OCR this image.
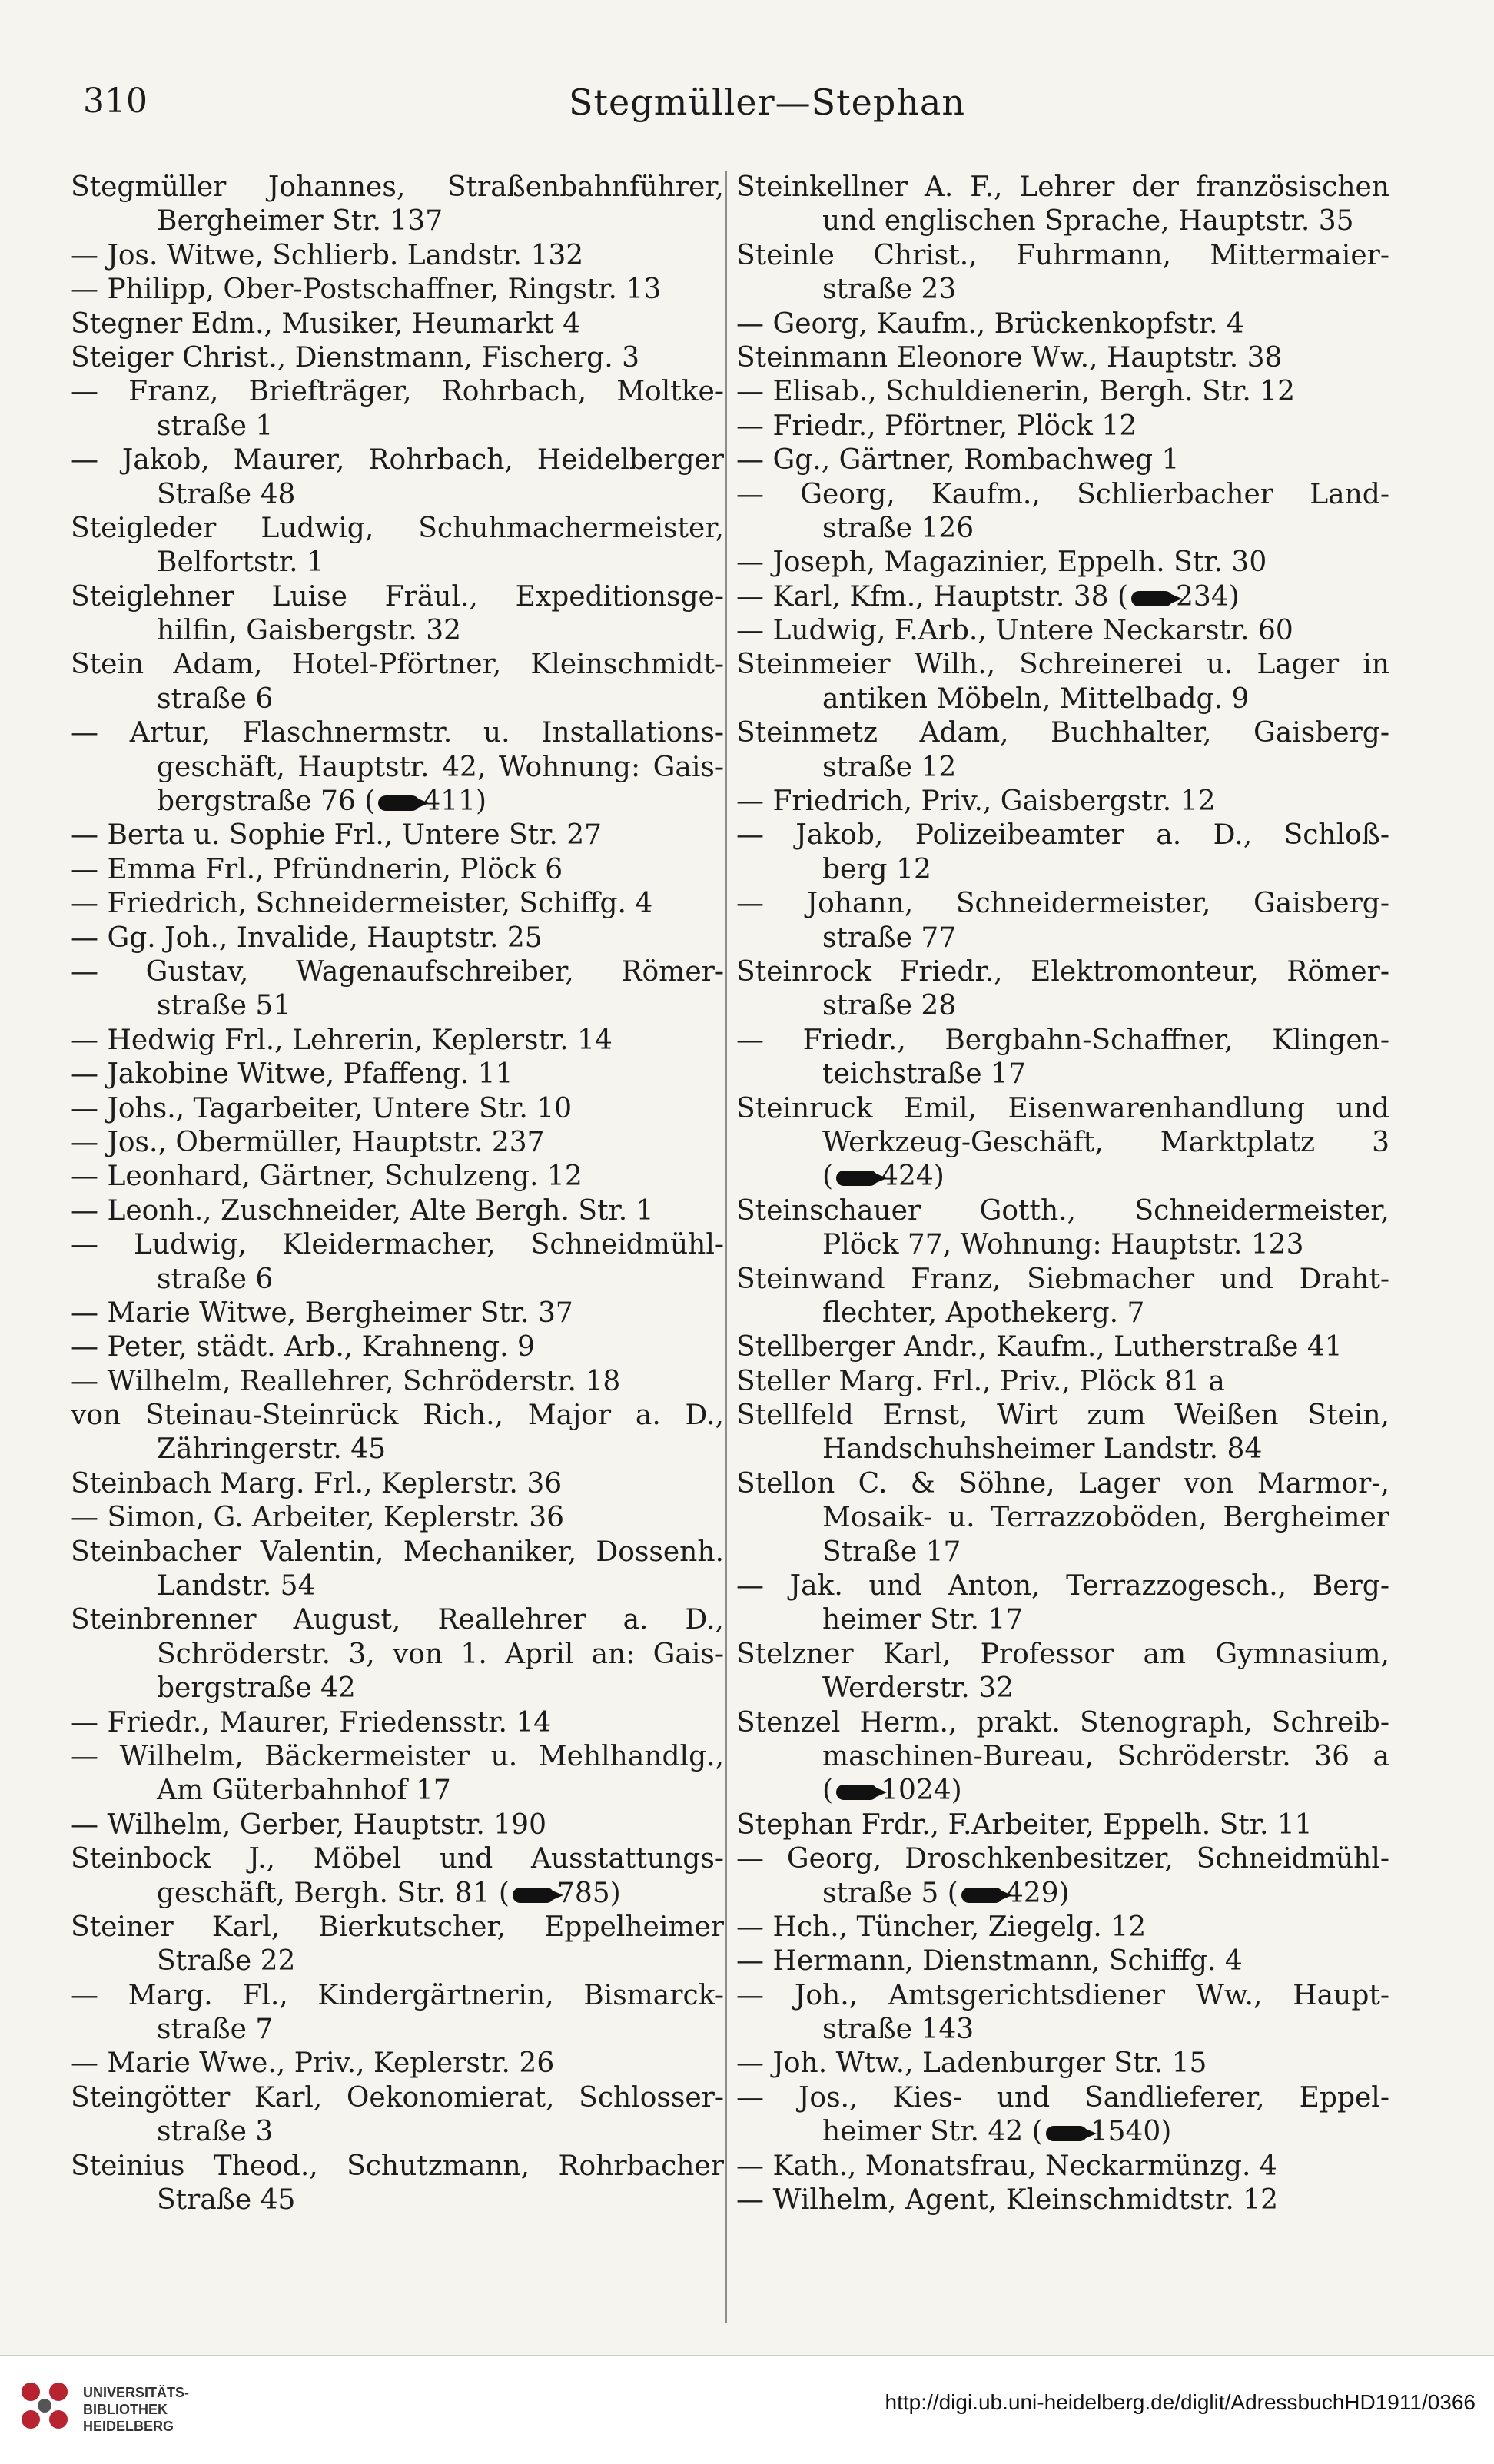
310	Stegmüller—Stephan
Stegmüller Johannes, Straßenbahnführer,
Bergheimer Str. 137
— Jos. Witwe, Schlierb. Landstr. 132
— Philipp, Ober-Postschaffner, Ringstr. 13
Stegner Edm., Musiker, Heumarkt 4
Steiger Christ., Dienstmann, Fischerg. 3
— Franz, Briefträger, Rohrbach, Moltke-
straße 1
— Jakob, Maurer, Rohrbach, Heidelberger
Straße 48
Steigleder Ludwig, Schuhmachermeister,
Belfortstr. 1
Steiglehner Luise Fräul., Expeditionsge-
hilfin, Gaisbergstr. 32
Stein Adam, Hotel-Pförtner, Kleinschmidt-
straße 6
— Artur, Flaschnermstr. u. Installations-
geschäft, Hauptstr. 42, Wohnung: Gais-
bergstraße 76 ( 411)
— Berta u. Sophie Frl., Untere Str. 27
— Emma Frl., Pfründnerin, Plöck 6
— Friedrich, Schneidermeister, Schiffg. 4
— Gg. Joh., Invalide, Hauptstr. 25
— Gustav, Wagenaufschreiber, Römer-
straße 51
— Hedwig Frl., Lehrerin, Keplerstr. 14
— Jakobine Witwe, Pfaffeng. 11
— Johs., Tagarbeiter, Untere Str. 10
— Jos., Obermüller, Hauptstr. 237
— Leonhard, Gärtner, Schulzeng. 12
— Leonh., Zuschneider, Alte Bergh. Str. 1
— Ludwig, Kleidermacher, Schneidmühl-
straße 6
— Marie Witwe, Bergheimer Str. 37
— Peter, städt. Arb., Krahneng. 9
— Wilhelm, Reallehrer, Schröderstr. 18
von Steinau-Steinrück Rich., Major a. D.,
Zähringerstr. 45
Steinbach Marg. Frl., Keplerstr. 36
— Simon, G. Arbeiter, Keplerstr. 36
Steinbacher Valentin, Mechaniker, Dossenh.
Landstr. 54
Steinbrenner August, Reallehrer a. D.,
Schröderstr. 3, von 1. April an: Gais-
bergstraße 42
— Friedr., Maurer, Friedensstr. 14
— Wilhelm, Bäckermeister u. Mehlhandlg.,
Am Güterbahnhof 17
— Wilhelm, Gerber, Hauptstr. 190
Steinbock J., Möbel und Ausstattungs-
geschäft, Bergh. Str. 81 ( 785)
Steiner Karl, Bierkutscher, Eppelheimer
Straße 22
— Marg. Fl., Kindergärtnerin, Bismarck-
straße 7
— Marie Wwe., Priv., Keplerstr. 26
Steingötter Karl, Oekonomierat, Schlosser-
straße 3
Steinius Theod., Schutzmann, Rohrbacher
Straße 45
Steinkellner A. F., Lehrer der französischen
und englischen Sprache, Hauptstr. 35
Steinle Christ., Fuhrmann, Mittermaier-
straße 23
— Georg, Kaufm., Brückenkopfstr. 4
Steinmann Eleonore Ww., Hauptstr. 38
— Elisab., Schuldienerin, Bergh. Str. 12
— Friedr., Pförtner, Plöck 12
— Gg., Gärtner, Rombachweg 1
— Georg, Kaufm., Schlierbacher Land-
straße 126
— Joseph, Magazinier, Eppelh. Str. 30
— Karl, Kfm., Hauptstr. 38 ( 234)
— Ludwig, F.Arb., Untere Neckarstr. 60
Steinmeier Wilh., Schreinerei u. Lager in
antiken Möbeln, Mittelbadg. 9
Steinmetz Adam, Buchhalter, Gaisberg-
straße 12
— Friedrich, Priv., Gaisbergstr. 12
— Jakob, Polizeibeamter a. D., Schloß-
berg 12
— Johann, Schneidermeister, Gaisberg-
straße 77
Steinrock Friedr., Elektromonteur, Römer-
straße 28
— Friedr., Bergbahn-Schaffner, Klingen-
teichstraße 17
Steinruck Emil, Eisenwarenhandlung und
Werkzeug-Geschäft, Marktplatz 3
( 424)
Steinschauer Gotth., Schneidermeister,
Plöck 77, Wohnung: Hauptstr. 123
Steinwand Franz, Siebmacher und Draht-
flechter, Apothekerg. 7
Stellberger Andr., Kaufm., Lutherstraße 41
Steller Marg. Frl., Priv., Plöck 81 a
Stellfeld Ernst, Wirt zum Weißen Stein,
Handschuhsheimer Landstr. 84
Stellon C. & Söhne, Lager von Marmor-,
Mosaik- u. Terrazzoböden, Bergheimer
Straße 17
— Jak. und Anton, Terrazzogesch., Berg-
heimer Str. 17
Stelzner Karl, Professor am Gymnasium,
Werderstr. 32
Stenzel Herm., prakt. Stenograph, Schreib-
maschinen-Bureau, Schröderstr. 36 a
( 1024)
Stephan Frdr., F.Arbeiter, Eppelh. Str. 11
— Georg, Droschkenbesitzer, Schneidmühl-
straße 5 ( 429)
— Hch., Tüncher, Ziegelg. 12
— Hermann, Dienstmann, Schiffg. 4
— Joh., Amtsgerichtsdiener Ww., Haupt-
straße 143
— Joh. Wtw., Ladenburger Str. 15
— Jos., Kies- und Sandlieferer, Eppel-
heimer Str. 42 ( 1540)
— Kath., Monatsfrau, Neckarmünzg. 4
— Wilhelm, Agent, Kleinschmidtstr. 12
UNIVERSITÄTS-
BIBLIOTHEK
HEIDELBERG
http://digi.ub.uni-heidelberg.de/diglit/AdressbuchHD1911/0366
